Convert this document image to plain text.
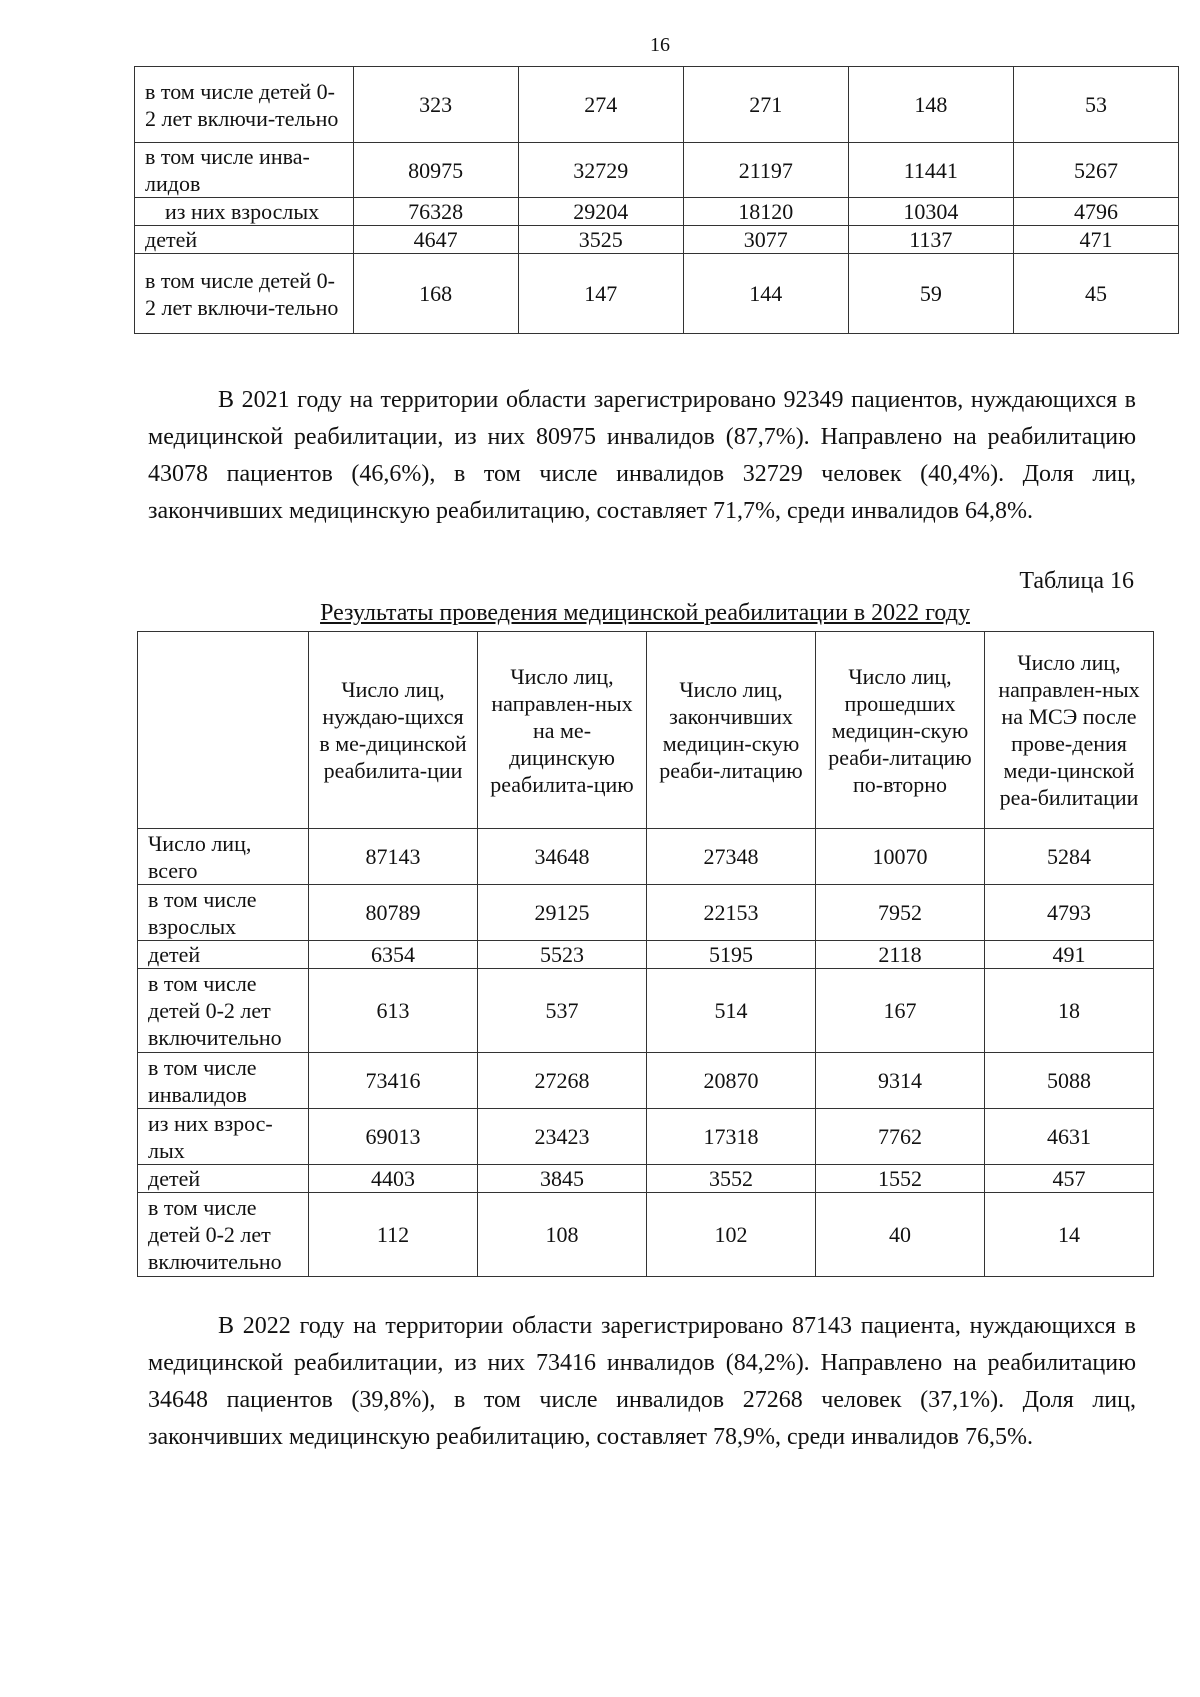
16
в том числе детей 0-2 лет включи-тельно	323	274	271	148	53
в том числе инва-лидов	80975	32729	21197	11441	5267
из них взрослых	76328	29204	18120	10304	4796
детей	4647	3525	3077	1137	471
в том числе детей 0-2 лет включи-тельно	168	147	144	59	45

В 2021 году на территории области зарегистрировано 92349 пациентов, нуждающихся в медицинской реабилитации, из них 80975 инвалидов (87,7%). Направлено на реабилитацию 43078 пациентов (46,6%), в том числе инвалидов 32729 человек (40,4%). Доля лиц, закончивших медицинскую реабилитацию, составляет 71,7%, среди инвалидов 64,8%.

Таблица 16
Результаты проведения медицинской реабилитации в 2022 году
	Число лиц, нуждаю-щихся в ме-дицинской реабилита-ции	Число лиц, направлен-ных на ме-дицинскую реабилита-цию	Число лиц, закончивших медицин-скую реаби-литацию	Число лиц, прошедших медицин-скую реаби-литацию по-вторно	Число лиц, направлен-ных на МСЭ после прове-дения меди-цинской реа-билитации
Число лиц, всего	87143	34648	27348	10070	5284
в том числе взрослых	80789	29125	22153	7952	4793
детей	6354	5523	5195	2118	491
в том числе детей 0-2 лет включительно	613	537	514	167	18
в том числе инвалидов	73416	27268	20870	9314	5088
из них взрос-лых	69013	23423	17318	7762	4631
детей	4403	3845	3552	1552	457
в том числе детей 0-2 лет включительно	112	108	102	40	14

В 2022 году на территории области зарегистрировано 87143 пациента, нуждающихся в медицинской реабилитации, из них 73416 инвалидов (84,2%). Направлено на реабилитацию 34648 пациентов (39,8%), в том числе инвалидов 27268 человек (37,1%). Доля лиц, закончивших медицинскую реабилитацию, составляет 78,9%, среди инвалидов 76,5%.
